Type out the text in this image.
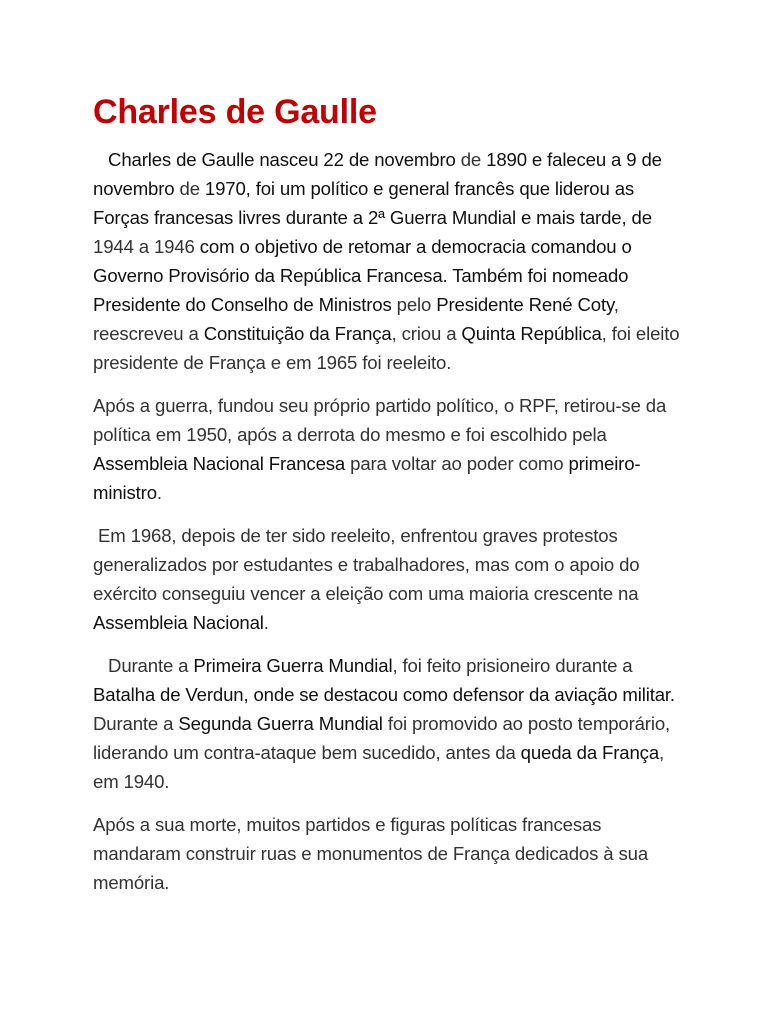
Charles de Gaulle

Charles de Gaulle nasceu 22 de novembro de 1890 e faleceu a 9 de novembro de 1970, foi um político e general francês que liderou as Forças francesas livres durante a 2ª Guerra Mundial e mais tarde, de 1944 a 1946 com o objetivo de retomar a democracia comandou o Governo Provisório da República Francesa. Também foi nomeado Presidente do Conselho de Ministros pelo Presidente René Coty, reescreveu a Constituição da França, criou a Quinta República, foi eleito presidente de França e em 1965 foi reeleito.

Após a guerra, fundou seu próprio partido político, o RPF, retirou-se da política em 1950, após a derrota do mesmo e foi escolhido pela Assembleia Nacional Francesa para voltar ao poder como primeiro-ministro.

Em 1968, depois de ter sido reeleito, enfrentou graves protestos generalizados por estudantes e trabalhadores, mas com o apoio do exército conseguiu vencer a eleição com uma maioria crescente na Assembleia Nacional.

Durante a Primeira Guerra Mundial, foi feito prisioneiro durante a Batalha de Verdun, onde se destacou como defensor da aviação militar. Durante a Segunda Guerra Mundial foi promovido ao posto temporário, liderando um contra-ataque bem sucedido, antes da queda da França, em 1940.

Após a sua morte, muitos partidos e figuras políticas francesas mandaram construir ruas e monumentos de França dedicados à sua memória.
